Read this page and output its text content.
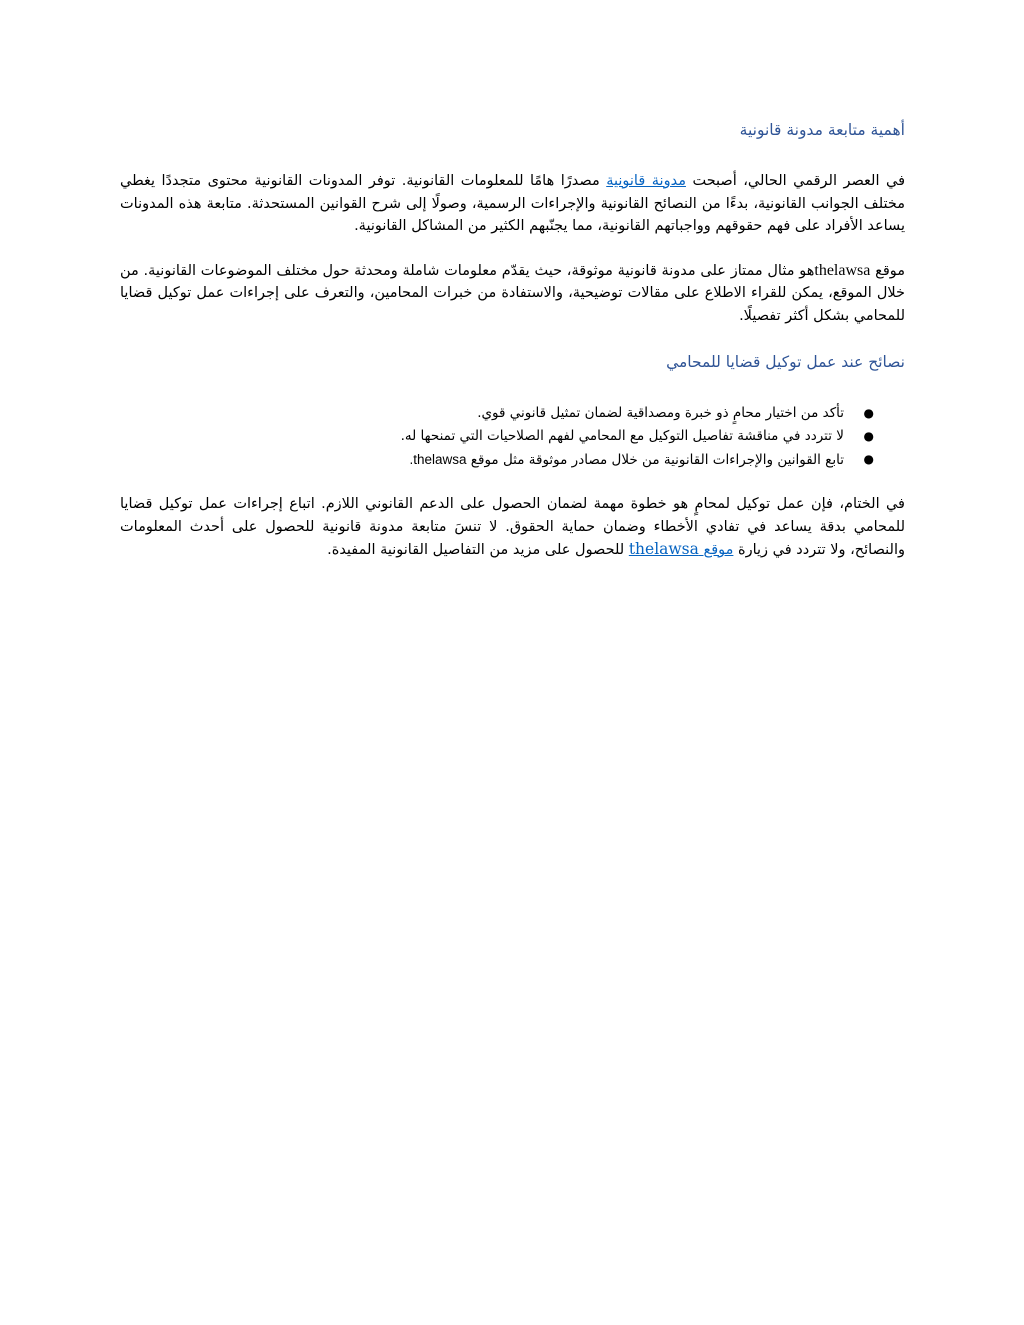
أهمية متابعة مدونة قانونية

في العصر الرقمي الحالي، أصبحت مدونة قانونية مصدرًا هامًا للمعلومات القانونية. توفر المدونات القانونية محتوى متجددًا يغطي مختلف الجوانب القانونية، بدءًا من النصائح القانونية والإجراءات الرسمية، وصولًا إلى شرح القوانين المستحدثة. متابعة هذه المدونات يساعد الأفراد على فهم حقوقهم وواجباتهم القانونية، مما يجنّبهم الكثير من المشاكل القانونية.

موقع thelawsaهو مثال ممتاز على مدونة قانونية موثوقة، حيث يقدّم معلومات شاملة ومحدثة حول مختلف الموضوعات القانونية. من خلال الموقع، يمكن للقراء الاطلاع على مقالات توضيحية، والاستفادة من خبرات المحامين، والتعرف على إجراءات عمل توكيل قضايا للمحامي بشكل أكثر تفصيلًا.

نصائح عند عمل توكيل قضايا للمحامي
●
تأكد من اختيار محامٍ ذو خبرة ومصداقية لضمان تمثيل قانوني قوي.
●
لا تتردد في مناقشة تفاصيل التوكيل مع المحامي لفهم الصلاحيات التي تمنحها له.
●
تابع القوانين والإجراءات القانونية من خلال مصادر موثوقة مثل موقع thelawsa.

في الختام، فإن عمل توكيل لمحامٍ هو خطوة مهمة لضمان الحصول على الدعم القانوني اللازم. اتباع إجراءات عمل توكيل قضايا للمحامي بدقة يساعد في تفادي الأخطاء وضمان حماية الحقوق. لا تنسَ متابعة مدونة قانونية للحصول على أحدث المعلومات والنصائح، ولا تتردد في زيارة موقع thelawsa للحصول على مزيد من التفاصيل القانونية المفيدة.
